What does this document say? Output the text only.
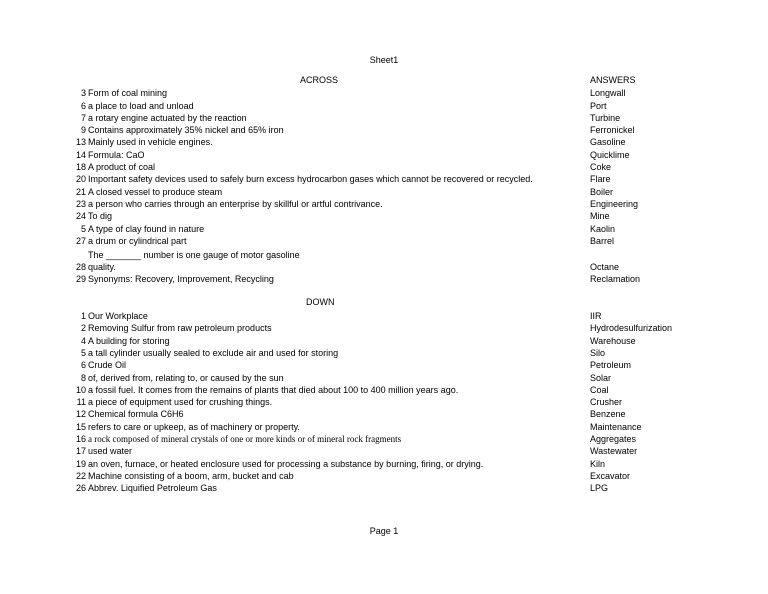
Sheet1
ACROSS	ANSWERS
3 Form of coal mining	Longwall
6 a place to load and unload	Port
7 a rotary engine actuated by the reaction	Turbine
9 Contains approximately 35% nickel and 65% iron	Ferronickel
13 Mainly used in vehicle engines.	Gasoline
14 Formula: CaO	Quicklime
18 A product of coal	Coke
20 Important safety devices used to safely burn excess hydrocarbon gases which cannot be recovered or recycled.	Flare
21 A closed vessel to produce steam	Boiler
23 a person who carries through an enterprise by skillful or artful contrivance.	Engineering
24 To dig	Mine
5 A type of clay found in nature	Kaolin
27 a drum or cylindrical part	Barrel
The _______ number is one gauge of motor gasoline
28 quality.	Octane
29 Synonyms: Recovery, Improvement, Recycling	Reclamation
DOWN
1 Our Workplace	IIR
2 Removing Sulfur from raw petroleum products	Hydrodesulfurization
4 A building for storing	Warehouse
5 a tall cylinder usually sealed to exclude air and used for storing	Silo
6 Crude Oil	Petroleum
8 of, derived from, relating to, or caused by the sun	Solar
10 a fossil fuel. It comes from the remains of plants that died about 100 to 400 million years ago.	Coal
11 a piece of equipment used for crushing things.	Crusher
12 Chemical formula C6H6	Benzene
15 refers to care or upkeep, as of machinery or property.	Maintenance
16 a rock composed of mineral crystals of one or more kinds or of mineral rock fragments	Aggregates
17 used water	Wastewater
19 an oven, furnace, or heated enclosure used for processing a substance by burning, firing, or drying.	Kiln
22 Machine consisting of a boom, arm, bucket and cab	Excavator
26 Abbrev. Liquified Petroleum Gas	LPG
Page 1
